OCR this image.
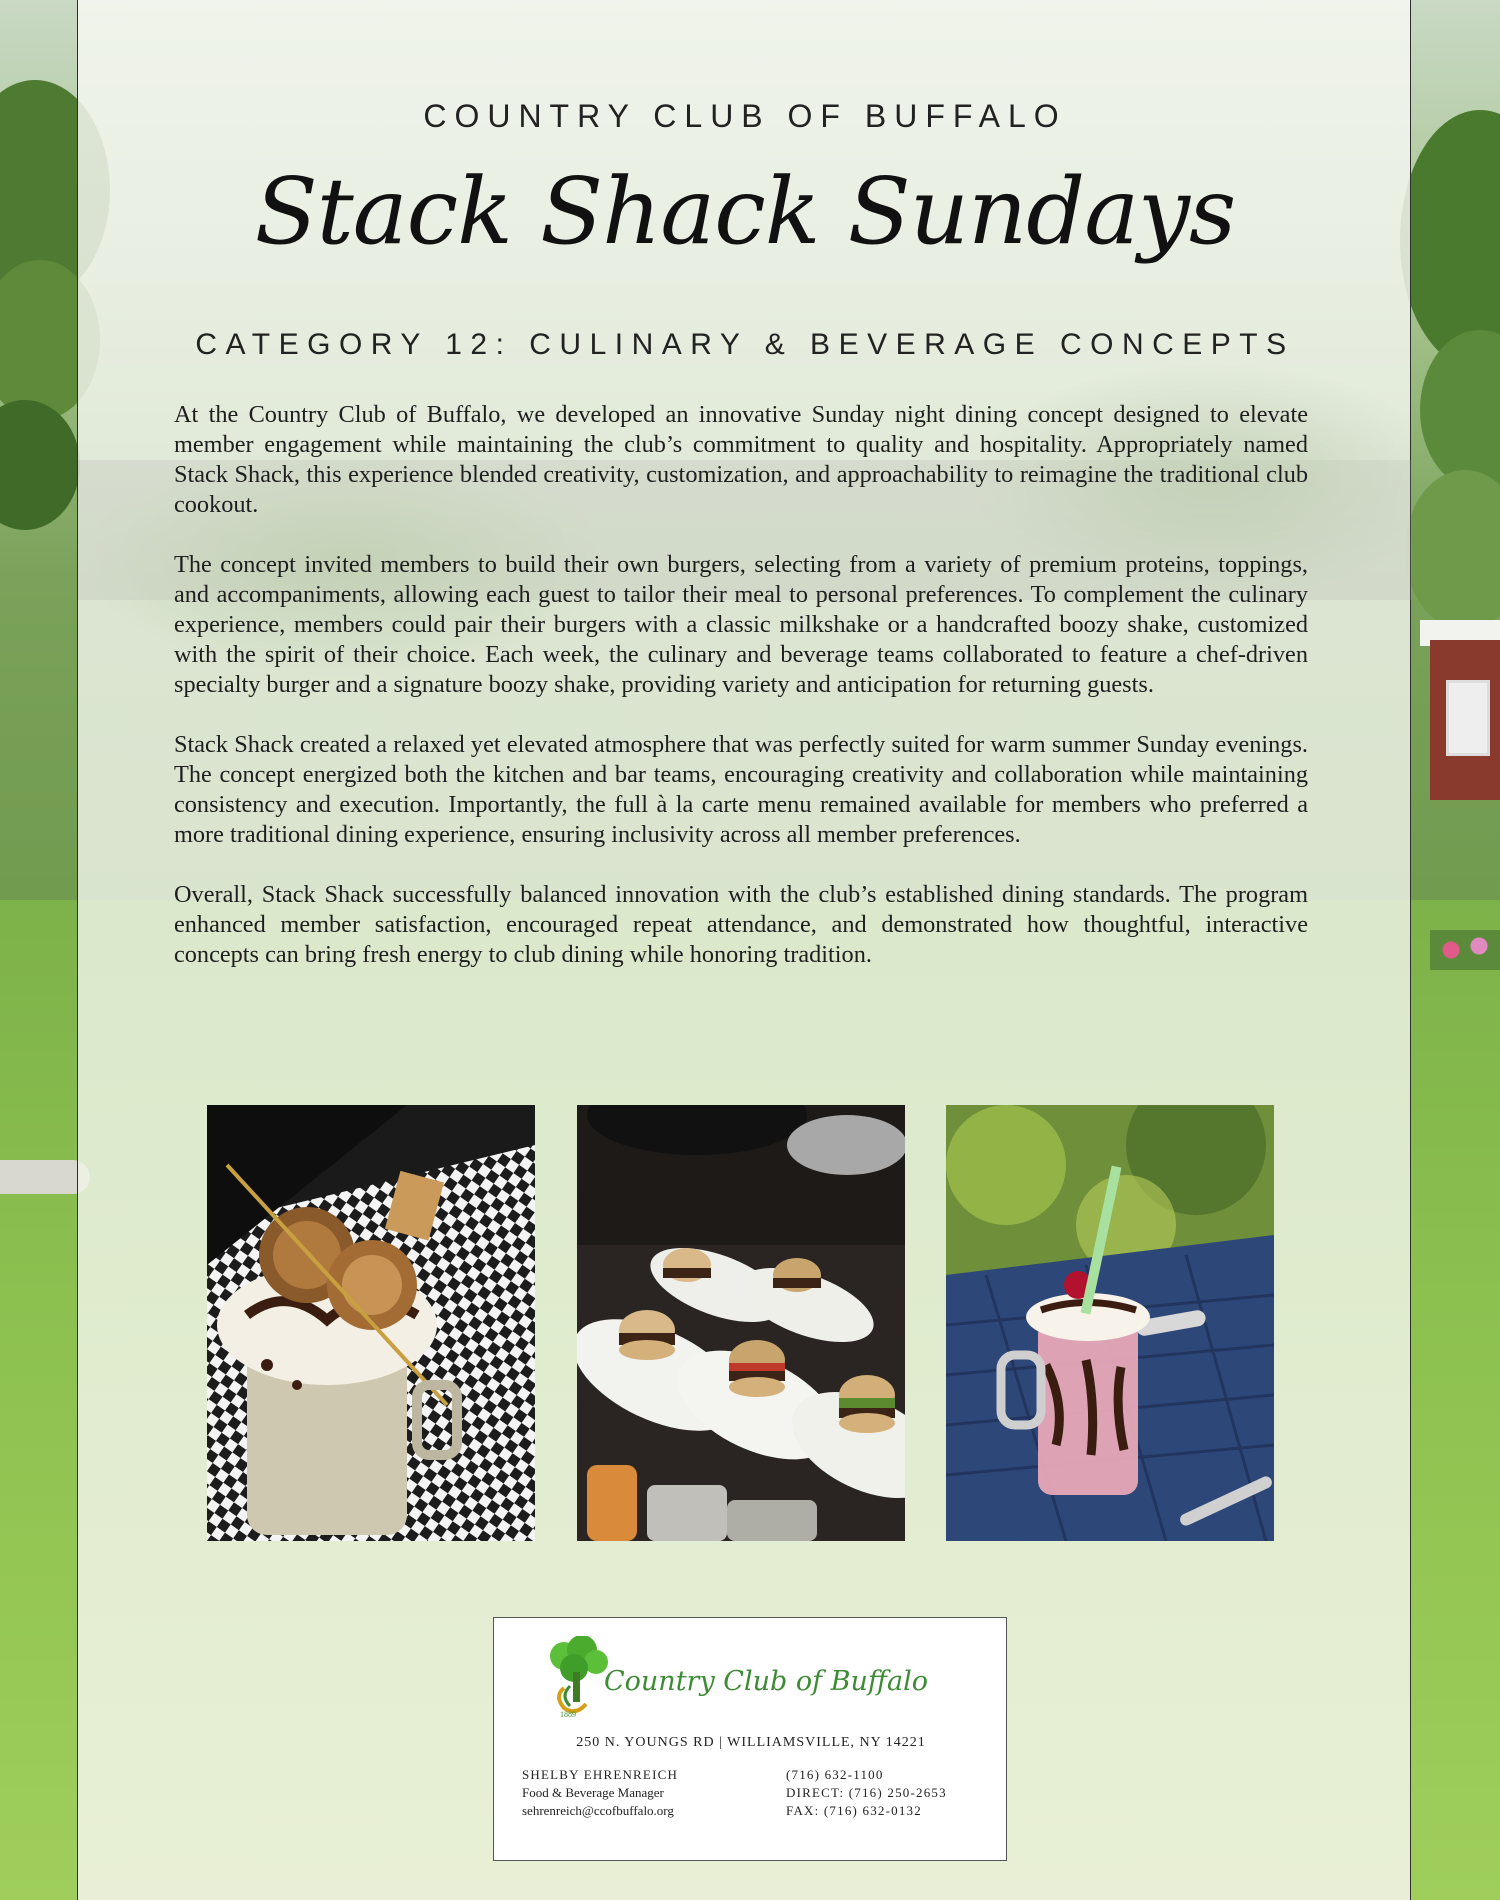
COUNTRY CLUB OF BUFFALO
Stack Shack Sundays
CATEGORY 12: CULINARY & BEVERAGE CONCEPTS

At the Country Club of Buffalo, we developed an innovative Sunday night dining concept designed to elevate member engagement while maintaining the club’s commitment to quality and hospitality. Appropriately named Stack Shack, this experience blended creativity, customization, and approachability to reimagine the traditional club cookout.

The concept invited members to build their own burgers, selecting from a variety of premium proteins, toppings, and accompaniments, allowing each guest to tailor their meal to personal preferences. To complement the culinary experience, members could pair their burgers with a classic milkshake or a handcrafted boozy shake, customized with the spirit of their choice. Each week, the culinary and beverage teams collaborated to feature a chef-driven specialty burger and a signature boozy shake, providing variety and anticipation for returning guests.

Stack Shack created a relaxed yet elevated atmosphere that was perfectly suited for warm summer Sunday evenings. The concept energized both the kitchen and bar teams, encouraging creativity and collaboration while maintaining consistency and execution. Importantly, the full à la carte menu remained available for members who preferred a more traditional dining experience, ensuring inclusivity across all member preferences.

Overall, Stack Shack successfully balanced innovation with the club’s established dining standards. The program enhanced member satisfaction, encouraged repeat attendance, and demonstrated how thoughtful, interactive concepts can bring fresh energy to club dining while honoring tradition.

1889
Country Club of Buffalo
250 N. YOUNGS RD | WILLIAMSVILLE, NY 14221
SHELBY EHRENREICH
Food & Beverage Manager
sehrenreich@ccofbuffalo.org
(716) 632-1100
DIRECT: (716) 250-2653
FAX: (716) 632-0132
